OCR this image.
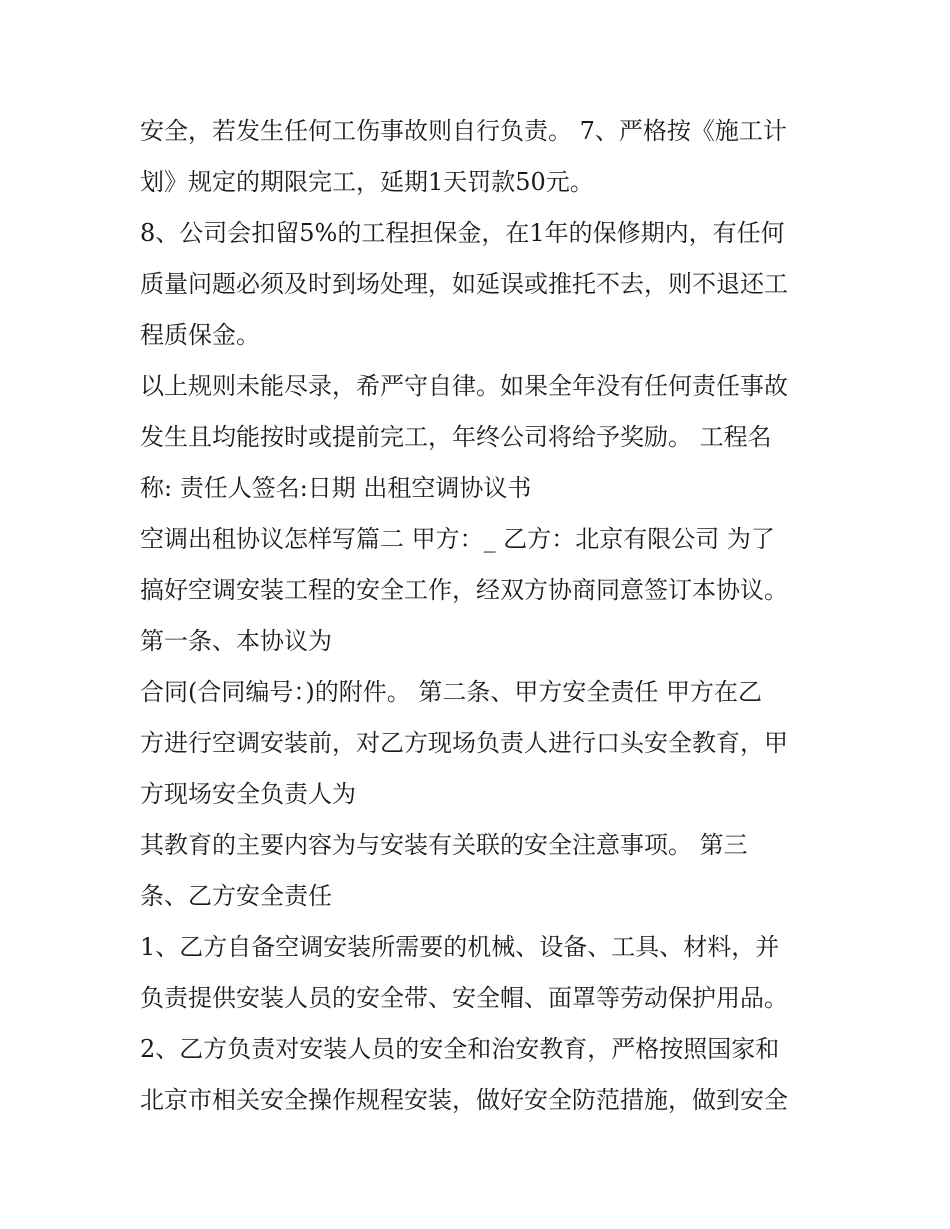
安全，若发生任何工伤事故则自行负责。 7、严格按《施工计
划》规定的期限完工，延期1天罚款50元。
8、公司会扣留5%的工程担保金，在1年的保修期内，有任何
质量问题必须及时到场处理，如延误或推托不去，则不退还工
程质保金。
以上规则未能尽录，希严守自律。如果全年没有任何责任事故
发生且均能按时或提前完工，年终公司将给予奖励。 工程名
称: 责任人签名:日期 出租空调协议书
空调出租协议怎样写篇二 甲方：_ 乙方：北京有限公司 为了
搞好空调安装工程的安全工作，经双方协商同意签订本协议。
第一条、本协议为
合同(合同编号：)的附件。 第二条、甲方安全责任 甲方在乙
方进行空调安装前，对乙方现场负责人进行口头安全教育，甲
方现场安全负责人为
其教育的主要内容为与安装有关联的安全注意事项。 第三
条、乙方安全责任
1、乙方自备空调安装所需要的机械、设备、工具、材料，并
负责提供安装人员的安全带、安全帽、面罩等劳动保护用品。
2、乙方负责对安装人员的安全和治安教育，严格按照国家和
北京市相关安全操作规程安装，做好安全防范措施，做到安全
